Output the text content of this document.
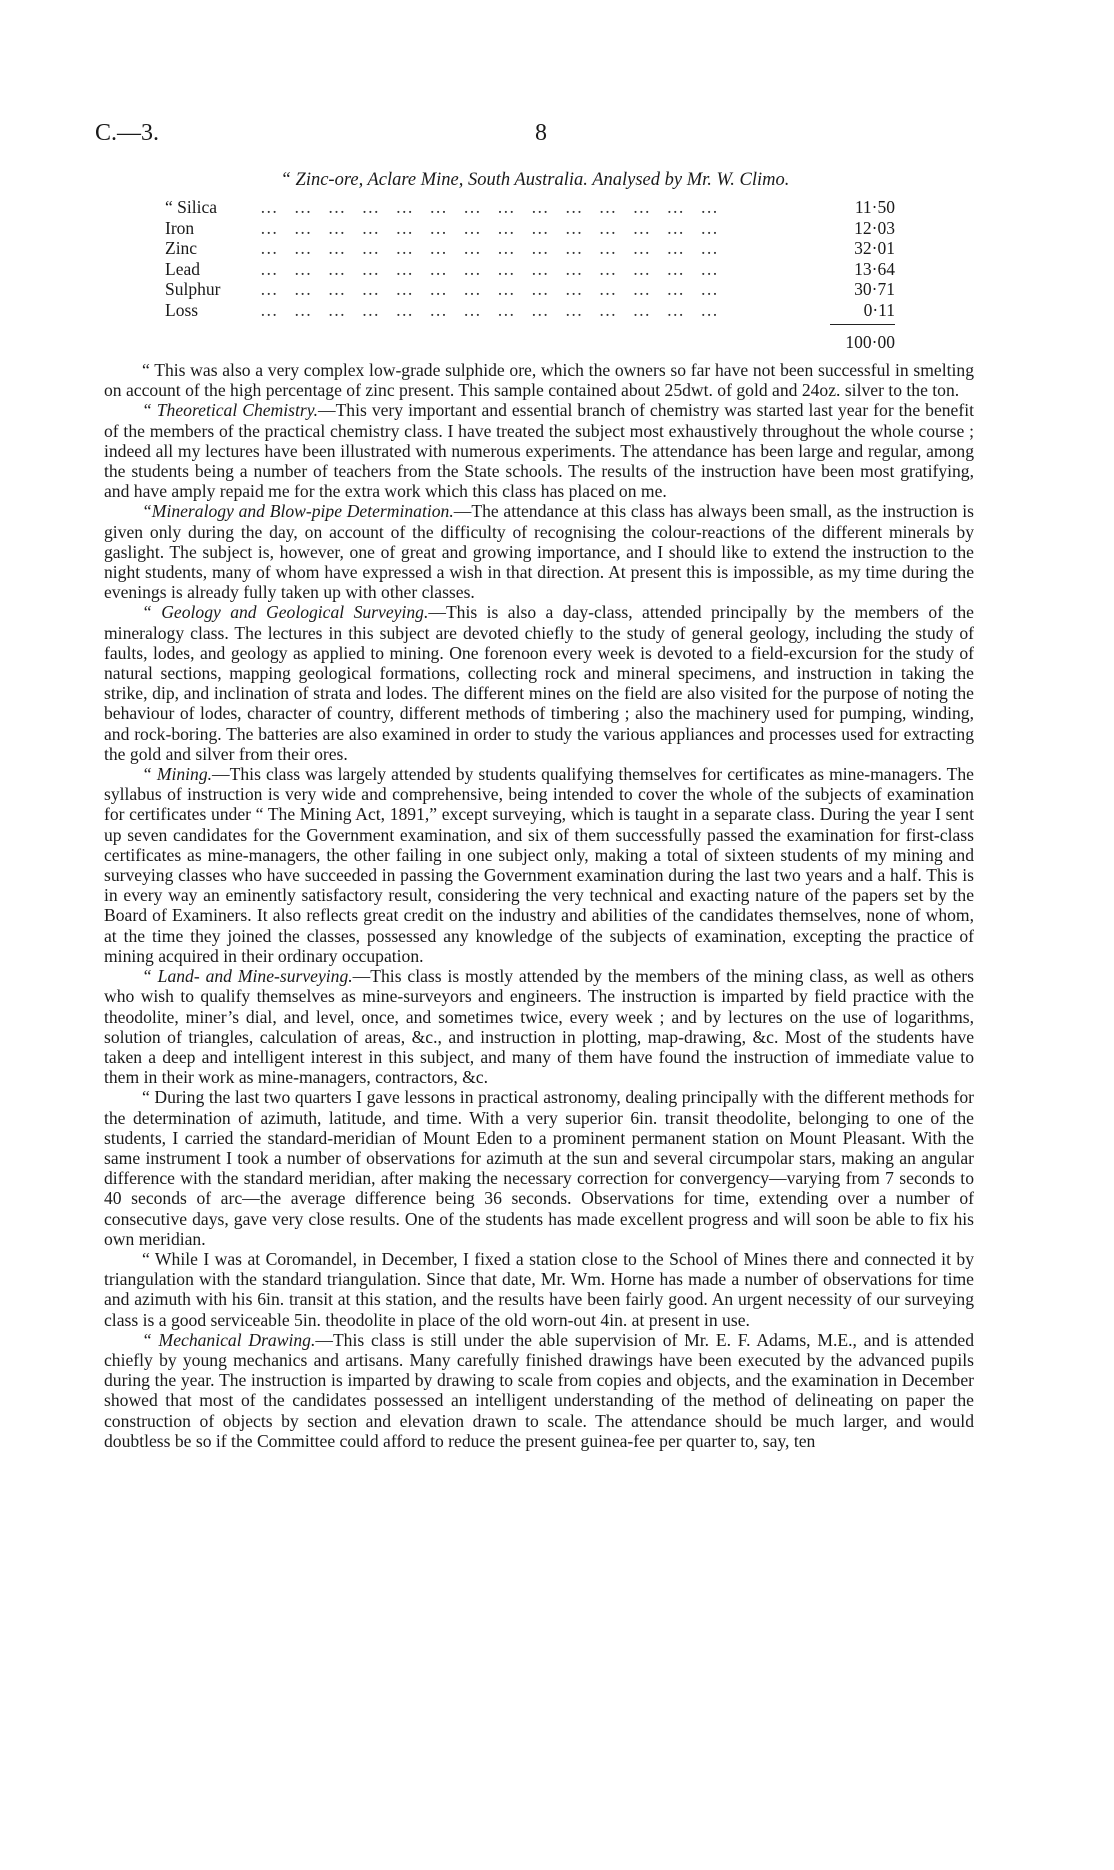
C.—3.	8
“ Zinc-ore, Aclare Mine, South Australia. Analysed by Mr. W. Climo.
“ Silica … … … … … … … … … … … … … …	11·50
Iron	… … … … … … … … … … … … … …	12·03
Zinc	… … … … … … … … … … … … … …	32·01
Lead	… … … … … … … … … … … … … …	13·64
Sulphur … … … … … … … … … … … … … …	30·71
Loss	… … … … … … … … … … … … … …	0·11
100·00

“ This was also a very complex low-grade sulphide ore, which the owners so far have not been successful in smelting on account of the high percentage of zinc present. This sample contained about 25dwt. of gold and 24oz. silver to the ton.

“ Theoretical Chemistry.—This very important and essential branch of chemistry was started last year for the benefit of the members of the practical chemistry class. I have treated the subject most exhaustively throughout the whole course ; indeed all my lectures have been illustrated with numerous experiments. The attendance has been large and regular, among the students being a number of teachers from the State schools. The results of the instruction have been most gratifying, and have amply repaid me for the extra work which this class has placed on me.

“Mineralogy and Blow-pipe Determination.—The attendance at this class has always been small, as the instruction is given only during the day, on account of the difficulty of recognising the colour-reactions of the different minerals by gaslight. The subject is, however, one of great and growing importance, and I should like to extend the instruction to the night students, many of whom have expressed a wish in that direction. At present this is impossible, as my time during the evenings is already fully taken up with other classes.

“ Geology and Geological Surveying.—This is also a day-class, attended principally by the members of the mineralogy class. The lectures in this subject are devoted chiefly to the study of general geology, including the study of faults, lodes, and geology as applied to mining. One forenoon every week is devoted to a field-excursion for the study of natural sections, mapping geological formations, collecting rock and mineral specimens, and instruction in taking the strike, dip, and inclination of strata and lodes. The different mines on the field are also visited for the purpose of noting the behaviour of lodes, character of country, different methods of timbering ; also the machinery used for pumping, winding, and rock-boring. The batteries are also examined in order to study the various appliances and processes used for extracting the gold and silver from their ores.

“ Mining.—This class was largely attended by students qualifying themselves for certificates as mine-managers. The syllabus of instruction is very wide and comprehensive, being intended to cover the whole of the subjects of examination for certificates under “ The Mining Act, 1891,” except surveying, which is taught in a separate class. During the year I sent up seven candidates for the Government examination, and six of them successfully passed the examination for first-class certificates as mine-managers, the other failing in one subject only, making a total of sixteen students of my mining and surveying classes who have succeeded in passing the Government examination during the last two years and a half. This is in every way an eminently satisfactory result, considering the very technical and exacting nature of the papers set by the Board of Examiners. It also reflects great credit on the industry and abilities of the candidates themselves, none of whom, at the time they joined the classes, possessed any knowledge of the subjects of examination, excepting the practice of mining acquired in their ordinary occupation.

“ Land- and Mine-surveying.—This class is mostly attended by the members of the mining class, as well as others who wish to qualify themselves as mine-surveyors and engineers. The instruction is imparted by field practice with the theodolite, miner’s dial, and level, once, and sometimes twice, every week ; and by lectures on the use of logarithms, solution of triangles, calculation of areas, &c., and instruction in plotting, map-drawing, &c. Most of the students have taken a deep and intelligent interest in this subject, and many of them have found the instruction of immediate value to them in their work as mine-managers, contractors, &c.

“ During the last two quarters I gave lessons in practical astronomy, dealing principally with the different methods for the determination of azimuth, latitude, and time. With a very superior 6in. transit theodolite, belonging to one of the students, I carried the standard-meridian of Mount Eden to a prominent permanent station on Mount Pleasant. With the same instrument I took a number of observations for azimuth at the sun and several circumpolar stars, making an angular difference with the standard meridian, after making the necessary correction for convergency—varying from 7 seconds to 40 seconds of arc—the average difference being 36 seconds. Observations for time, extending over a number of consecutive days, gave very close results. One of the students has made excellent progress and will soon be able to fix his own meridian.

“ While I was at Coromandel, in December, I fixed a station close to the School of Mines there and connected it by triangulation with the standard triangulation. Since that date, Mr. Wm. Horne has made a number of observations for time and azimuth with his 6in. transit at this station, and the results have been fairly good. An urgent necessity of our surveying class is a good serviceable 5in. theodolite in place of the old worn-out 4in. at present in use.

“ Mechanical Drawing.—This class is still under the able supervision of Mr. E. F. Adams, M.E., and is attended chiefly by young mechanics and artisans. Many carefully finished drawings have been executed by the advanced pupils during the year. The instruction is imparted by drawing to scale from copies and objects, and the examination in December showed that most of the candidates possessed an intelligent understanding of the method of delineating on paper the construction of objects by section and elevation drawn to scale. The attendance should be much larger, and would doubtless be so if the Committee could afford to reduce the present guinea-fee per quarter to, say, ten
